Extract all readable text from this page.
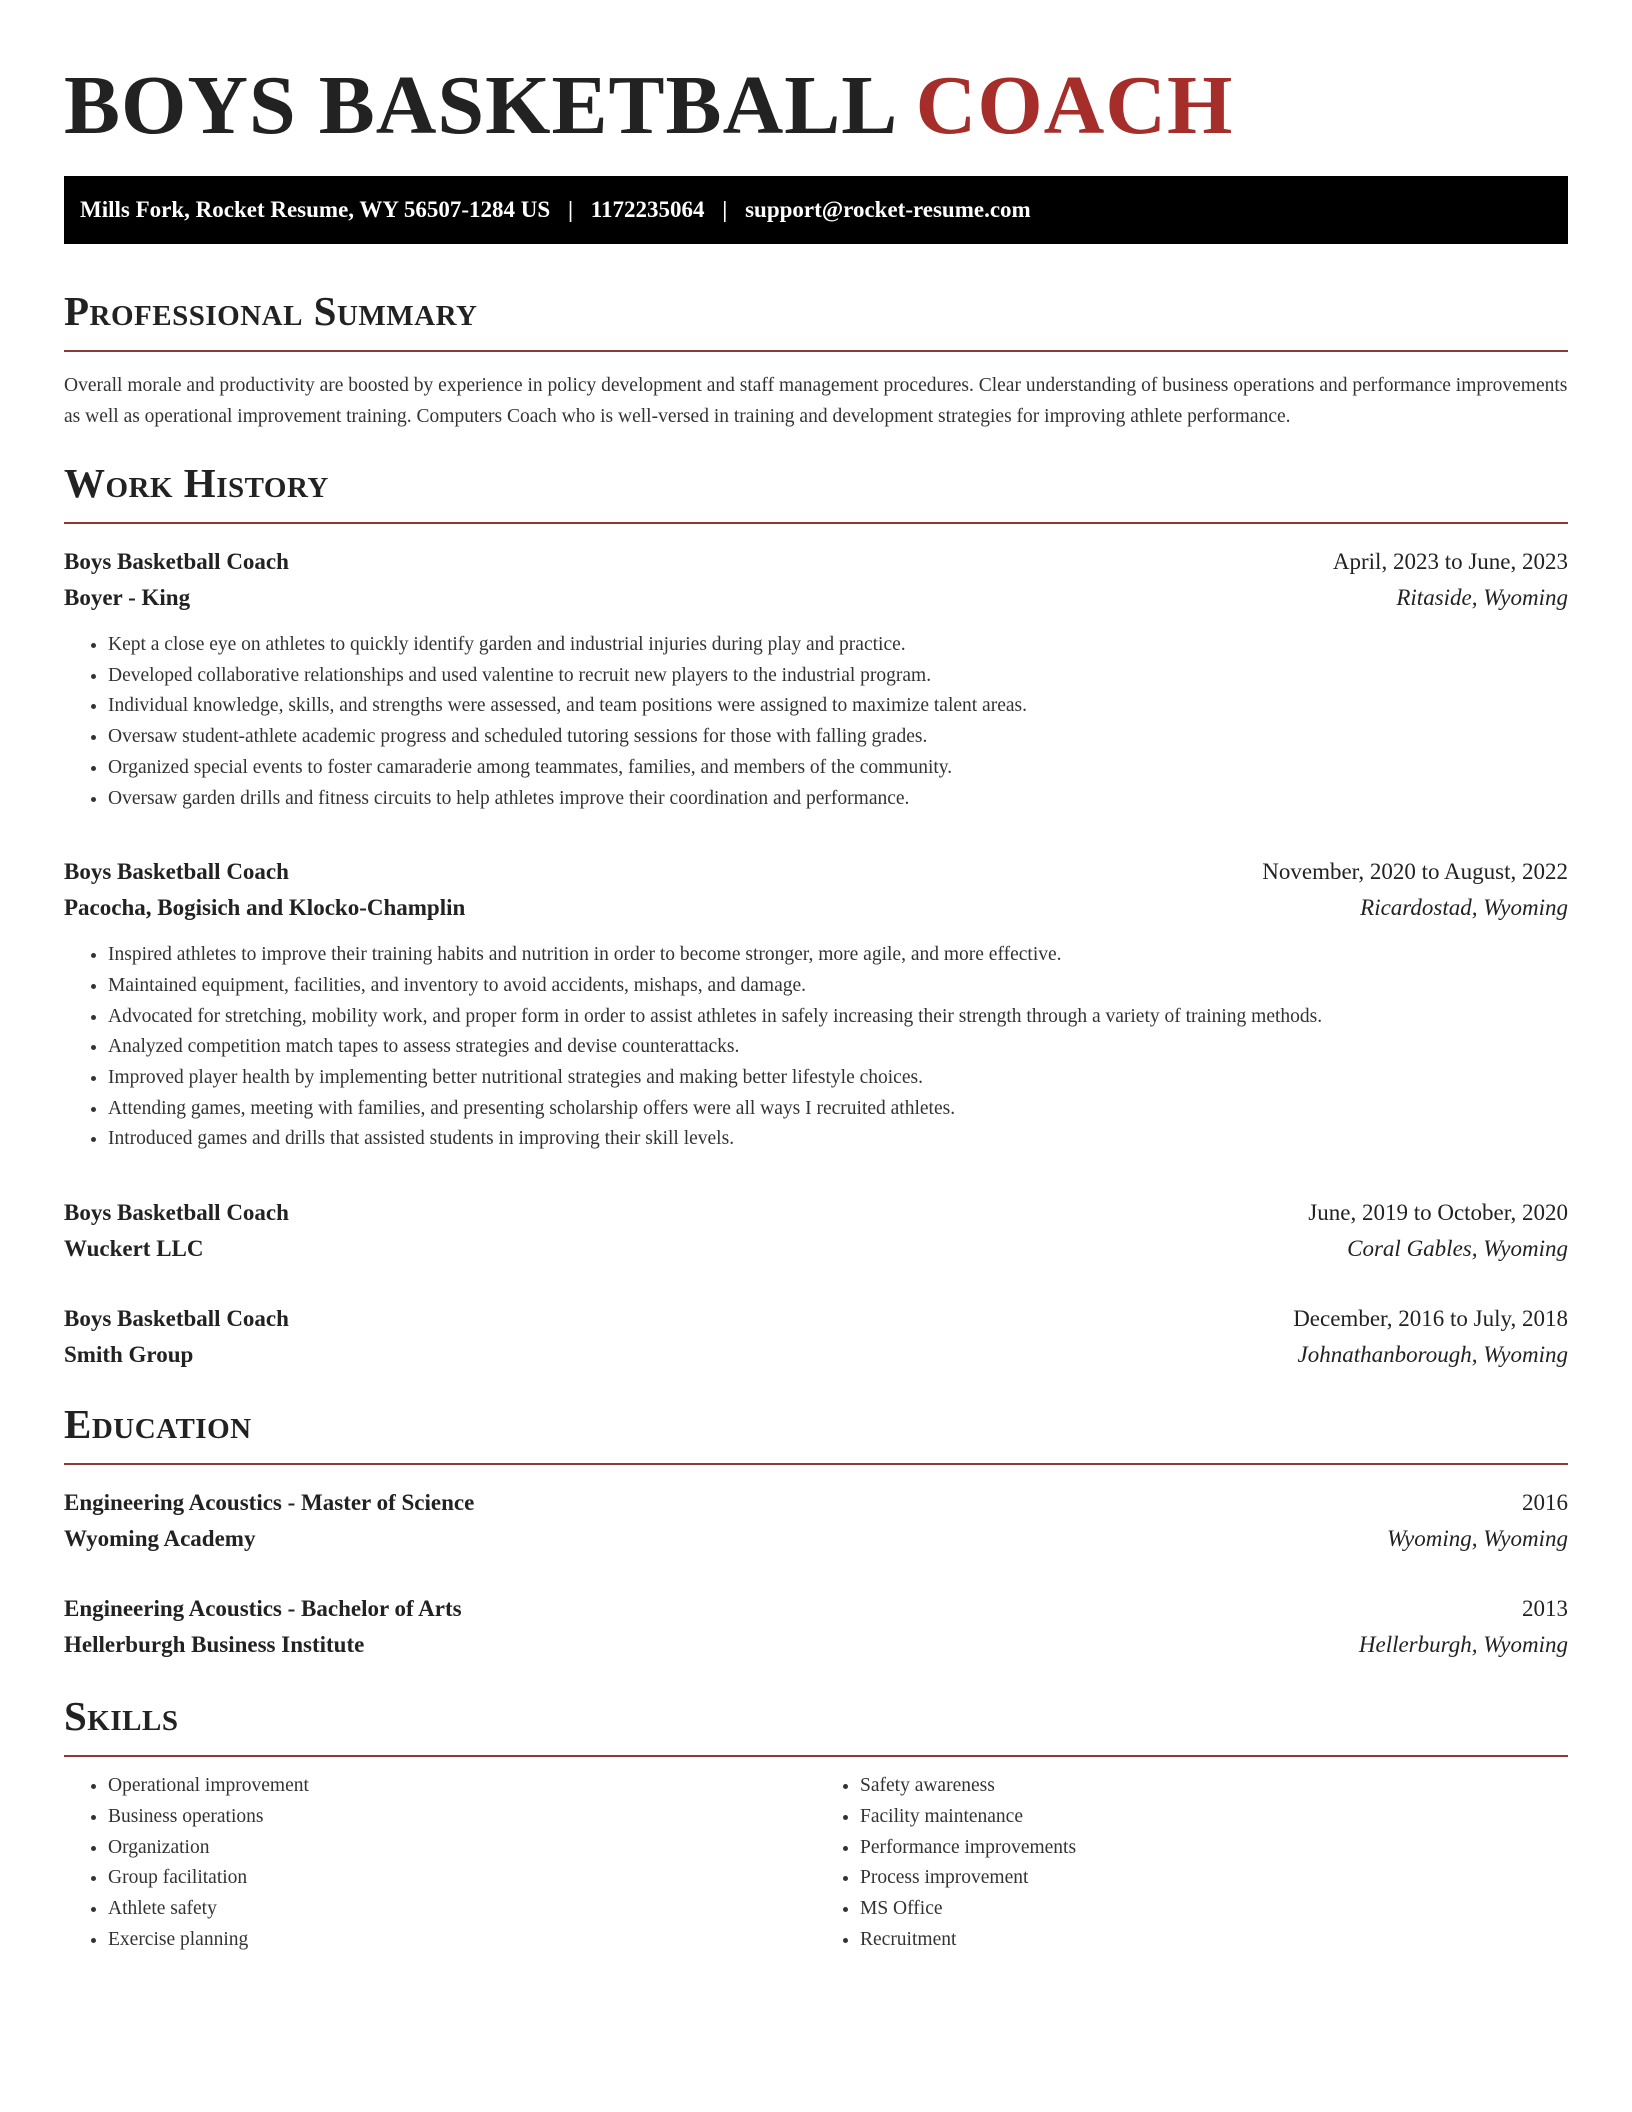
BOYS BASKETBALL COACH
Mills Fork, Rocket Resume, WY 56507-1284 US | 1172235064 | support@rocket-resume.com
Professional Summary

Overall morale and productivity are boosted by experience in policy development and staff management procedures. Clear understanding of business operations and performance improvements as well as operational improvement training. Computers Coach who is well-versed in training and development strategies for improving athlete performance.

Work History
Boys Basketball Coach	April, 2023 to June, 2023
Boyer - King	Ritaside, Wyoming
• Kept a close eye on athletes to quickly identify garden and industrial injuries during play and practice.
• Developed collaborative relationships and used valentine to recruit new players to the industrial program.
• Individual knowledge, skills, and strengths were assessed, and team positions were assigned to maximize talent areas.
• Oversaw student-athlete academic progress and scheduled tutoring sessions for those with falling grades.
• Organized special events to foster camaraderie among teammates, families, and members of the community.
• Oversaw garden drills and fitness circuits to help athletes improve their coordination and performance.
Boys Basketball Coach	November, 2020 to August, 2022
Pacocha, Bogisich and Klocko-Champlin	Ricardostad, Wyoming
• Inspired athletes to improve their training habits and nutrition in order to become stronger, more agile, and more effective.
• Maintained equipment, facilities, and inventory to avoid accidents, mishaps, and damage.
• Advocated for stretching, mobility work, and proper form in order to assist athletes in safely increasing their strength through a variety of training methods.
• Analyzed competition match tapes to assess strategies and devise counterattacks.
• Improved player health by implementing better nutritional strategies and making better lifestyle choices.
• Attending games, meeting with families, and presenting scholarship offers were all ways I recruited athletes.
• Introduced games and drills that assisted students in improving their skill levels.
Boys Basketball Coach	June, 2019 to October, 2020
Wuckert LLC	Coral Gables, Wyoming
Boys Basketball Coach	December, 2016 to July, 2018
Smith Group	Johnathanborough, Wyoming
Education
Engineering Acoustics - Master of Science	2016
Wyoming Academy	Wyoming, Wyoming
Engineering Acoustics - Bachelor of Arts	2013
Hellerburgh Business Institute	Hellerburgh, Wyoming
Skills
• Operational improvement
• Business operations
• Organization
• Group facilitation
• Athlete safety
• Exercise planning
• Safety awareness
• Facility maintenance
• Performance improvements
• Process improvement
• MS Office
• Recruitment
